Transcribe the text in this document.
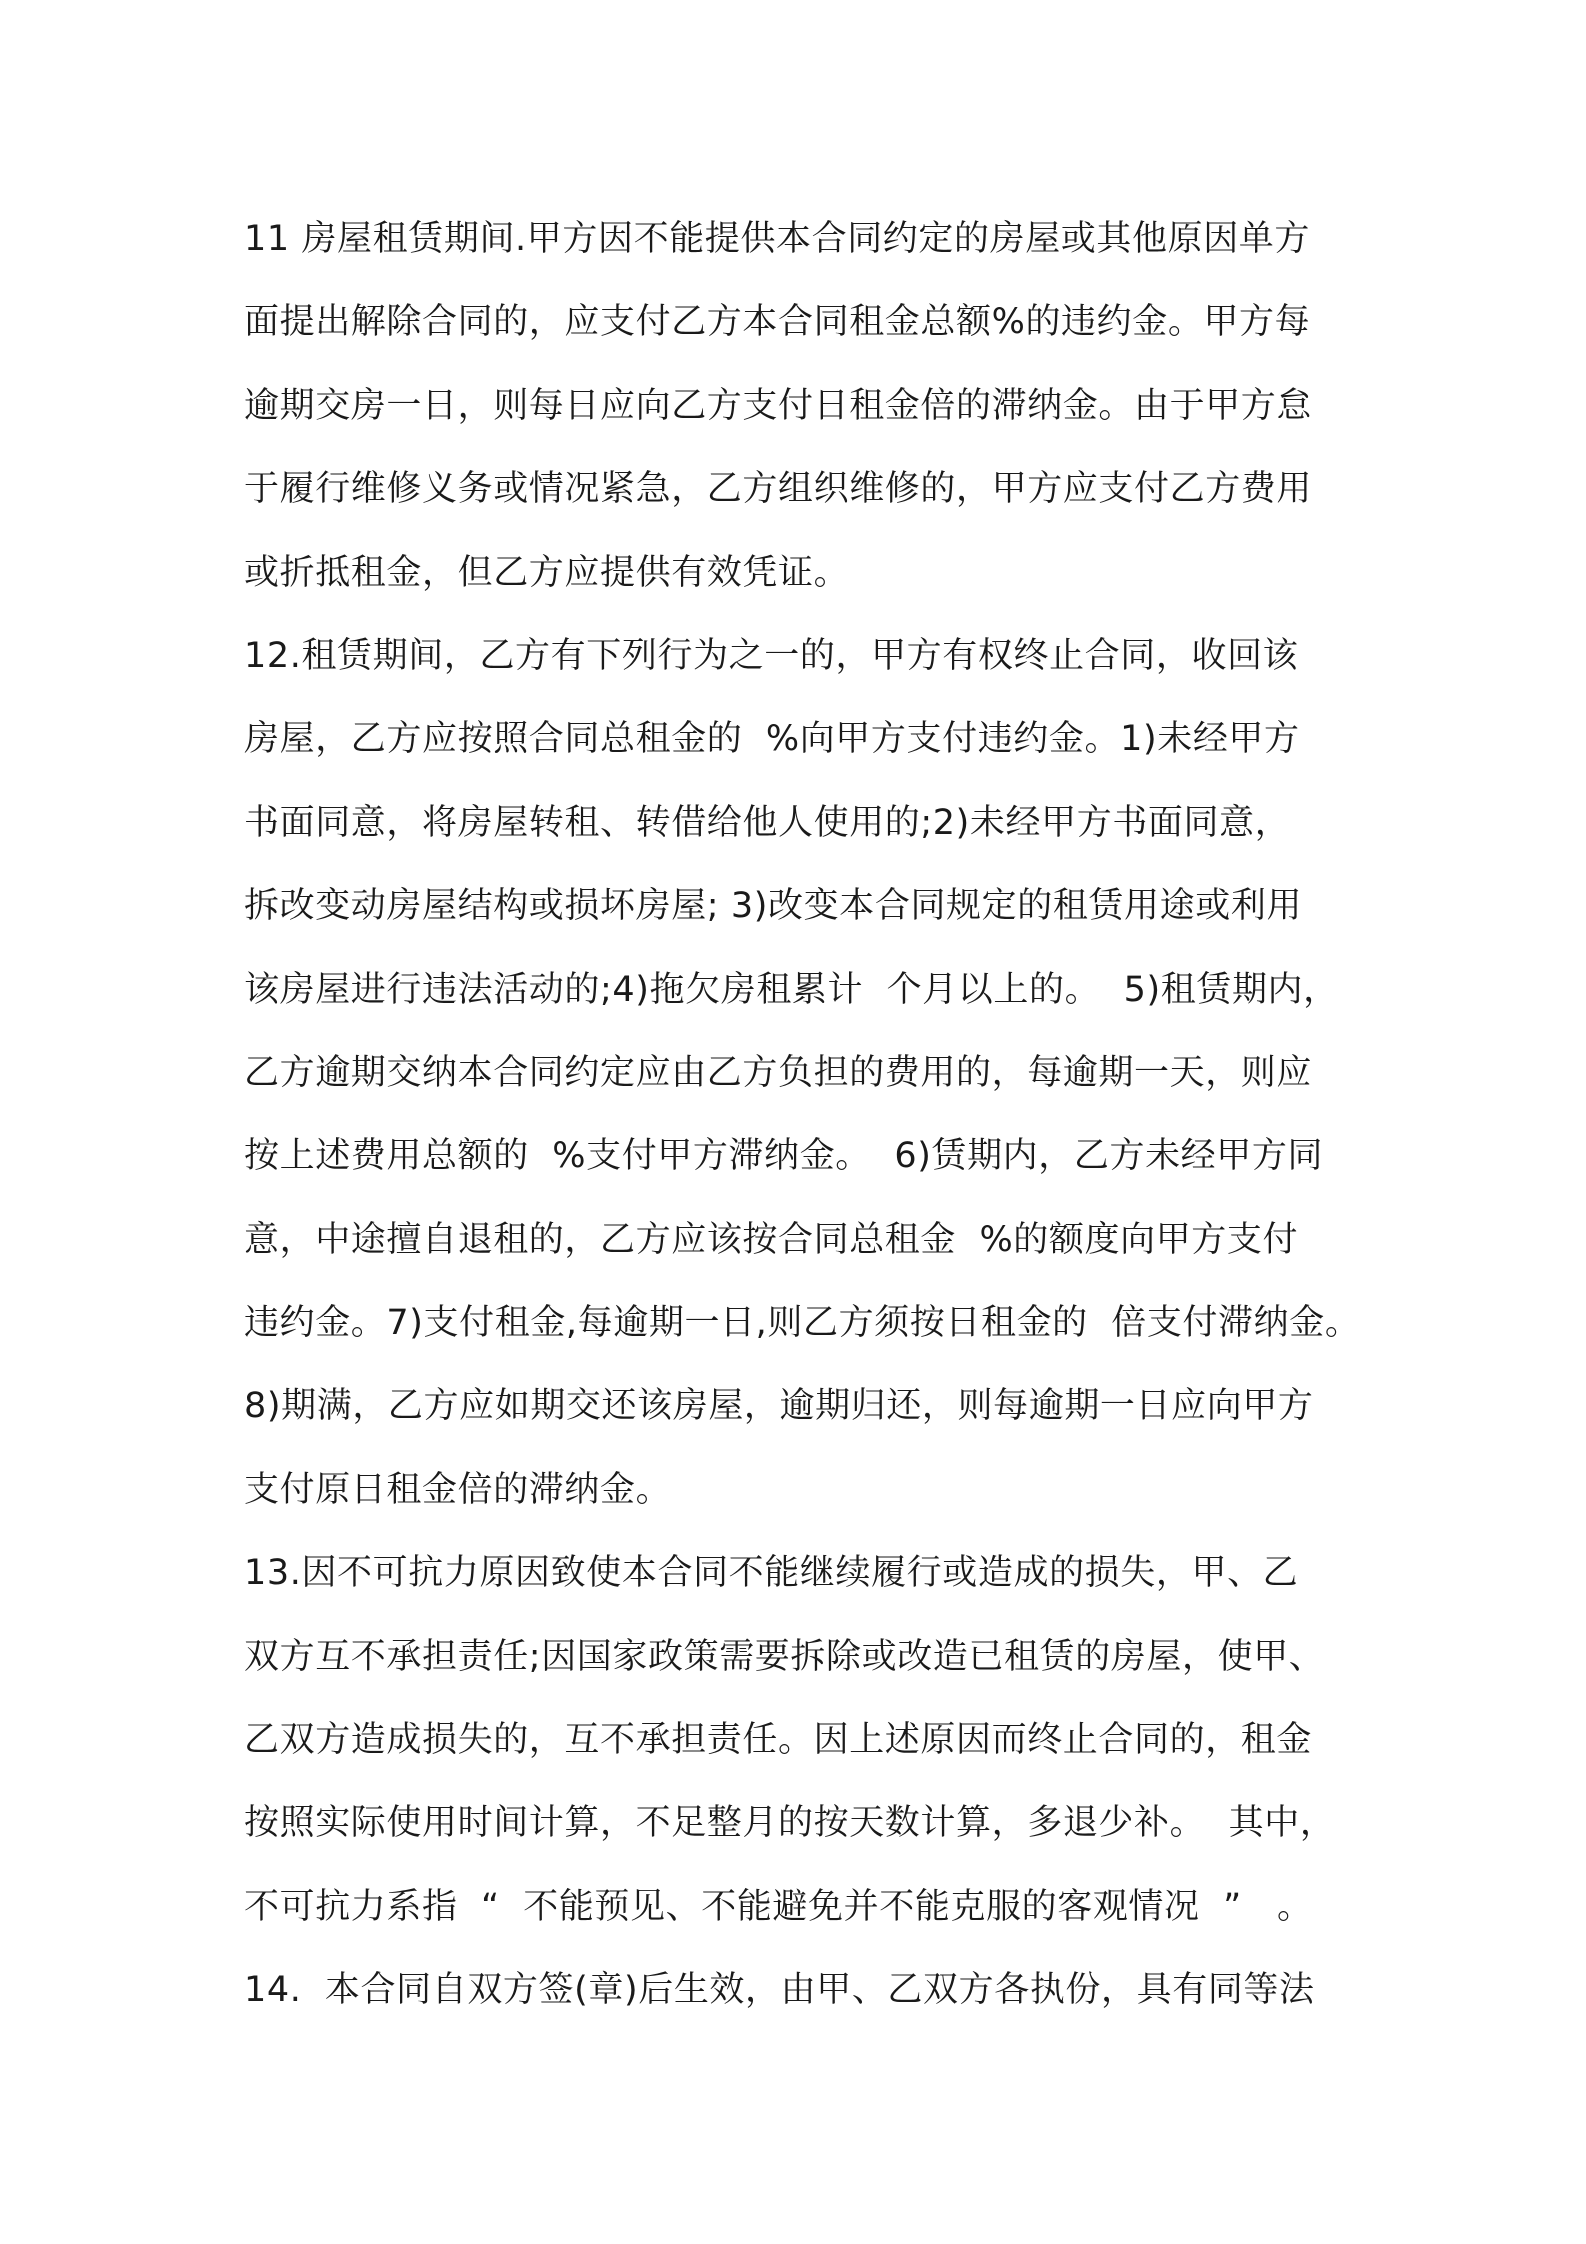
11 房屋租赁期间.甲方因不能提供本合同约定的房屋或其他原因单方
面提出解除合同的，应支付乙方本合同租金总额%的违约金。甲方每
逾期交房一日，则每日应向乙方支付日租金倍的滞纳金。由于甲方怠
于履行维修义务或情况紧急，乙方组织维修的，甲方应支付乙方费用
或折抵租金，但乙方应提供有效凭证。
12.租赁期间，乙方有下列行为之一的，甲方有权终止合同，收回该
房屋，乙方应按照合同总租金的  %向甲方支付违约金。1)未经甲方
书面同意，将房屋转租、转借给他人使用的;2)未经甲方书面同意，
拆改变动房屋结构或损坏房屋; 3)改变本合同规定的租赁用途或利用
该房屋进行违法活动的;4)拖欠房租累计  个月以上的。  5)租赁期内，
乙方逾期交纳本合同约定应由乙方负担的费用的，每逾期一天，则应
按上述费用总额的  %支付甲方滞纳金。  6)赁期内，乙方未经甲方同
意，中途擅自退租的，乙方应该按合同总租金  %的额度向甲方支付
违约金。7)支付租金,每逾期一日,则乙方须按日租金的  倍支付滞纳金。
8)期满，乙方应如期交还该房屋，逾期归还，则每逾期一日应向甲方
支付原日租金倍的滞纳金。
13.因不可抗力原因致使本合同不能继续履行或造成的损失，甲、乙
双方互不承担责任;因国家政策需要拆除或改造已租赁的房屋，使甲、
乙双方造成损失的，互不承担责任。因上述原因而终止合同的，租金
按照实际使用时间计算，不足整月的按天数计算，多退少补。  其中，
不可抗力系指  “  不能预见、不能避免并不能克服的客观情况  ”   。
14.  本合同自双方签(章)后生效，由甲、乙双方各执份，具有同等法
